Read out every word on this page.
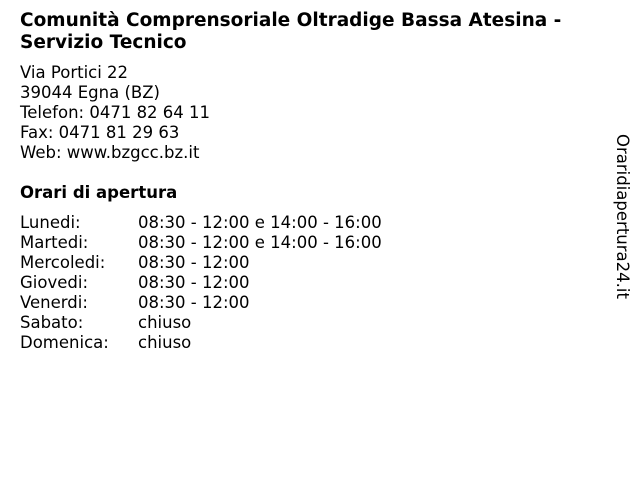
Comunità Comprensoriale Oltradige Bassa Atesina - Servizio Tecnico
Via Portici 22
39044 Egna (BZ)
Telefon: 0471 82 64 11
Fax: 0471 81 29 63
Web: www.bzgcc.bz.it
Orari di apertura
Lunedi:	08:30 - 12:00 e 14:00 - 16:00
Martedi:	08:30 - 12:00 e 14:00 - 16:00
Mercoledi: 08:30 - 12:00
Giovedi:	08:30 - 12:00
Venerdi:	08:30 - 12:00
Sabato:	chiuso
Domenica: chiuso
Oraridiapertura24.it
